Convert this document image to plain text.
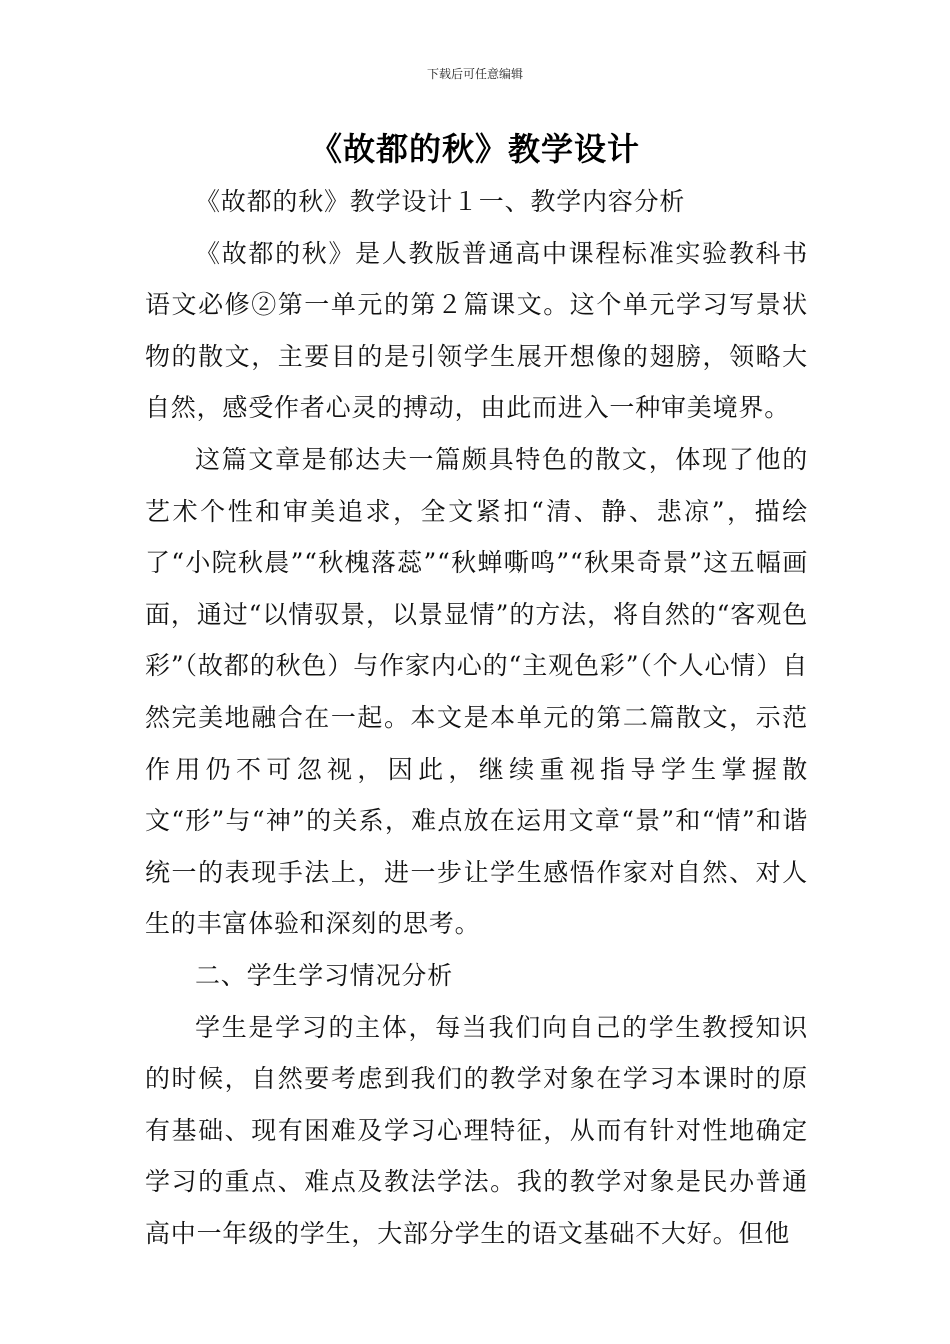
下载后可任意编辑
《故都的秋》教学设计

《故都的秋》教学设计１一、教学内容分析

《故都的秋》是人教版普通高中课程标准实验教科书语文必修②第一单元的第２篇课文。这个单元学习写景状物的散文，主要目的是引领学生展开想像的翅膀，领略大自然，感受作者心灵的搏动，由此而进入一种审美境界。

这篇文章是郁达夫一篇颇具特色的散文，体现了他的艺术个性和审美追求，全文紧扣“清、静、悲凉”，描绘了“小院秋晨”“秋槐落蕊”“秋蝉嘶鸣”“秋果奇景”这五幅画面，通过“以情驭景，以景显情”的方法，将自然的“客观色彩”（故都的秋色）与作家内心的“主观色彩”（个人心情）自然完美地融合在一起。本文是本单元的第二篇散文，示范作用仍不可忽视，因此，继续重视指导学生掌握散文“形”与“神”的关系，难点放在运用文章“景”和“情”和谐统一的表现手法上，进一步让学生感悟作家对自然、对人生的丰富体验和深刻的思考。

二、学生学习情况分析

学生是学习的主体，每当我们向自己的学生教授知识的时候，自然要考虑到我们的教学对象在学习本课时的原有基础、现有困难及学习心理特征，从而有针对性地确定学习的重点、难点及教法学法。我的教学对象是民办普通高中一年级的学生，大部分学生的语文基础不大好。但他
